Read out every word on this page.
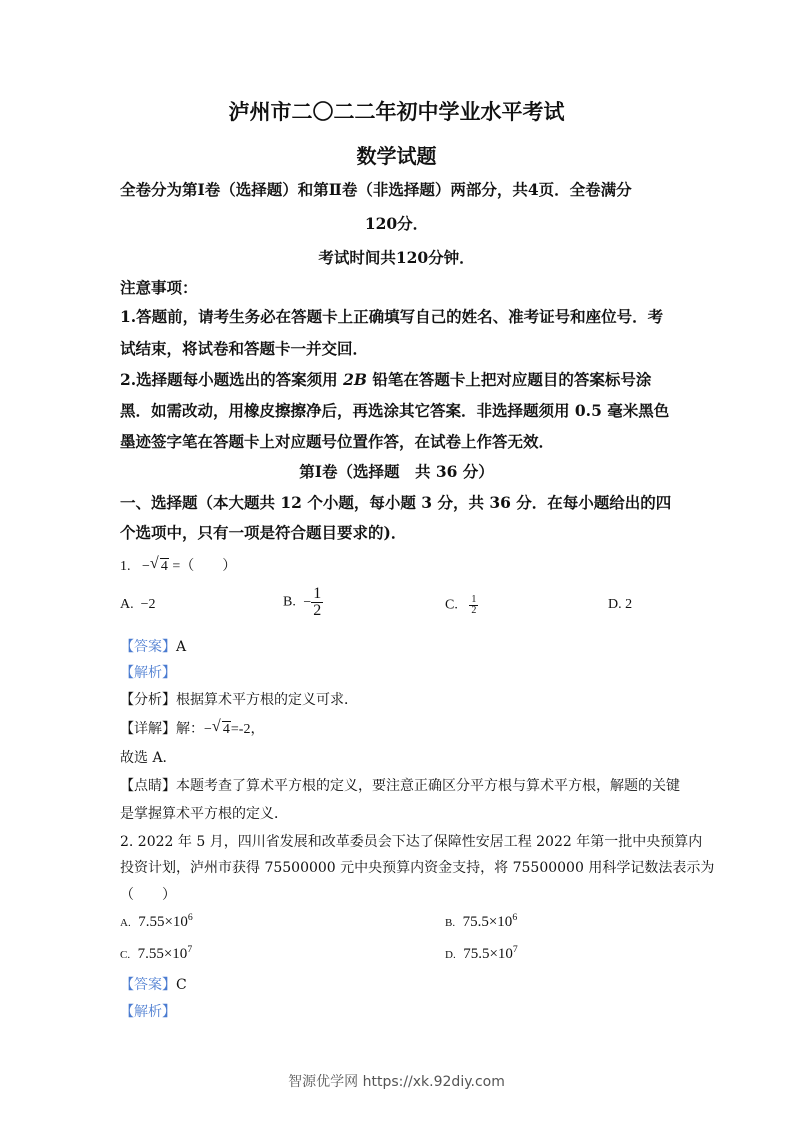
泸州市二〇二二年初中学业水平考试
数学试题
全卷分为第Ⅰ卷（选择题）和第Ⅱ卷（非选择题）两部分，共4页．全卷满分
120分．
考试时间共120分钟．
注意事项：
1.答题前，请考生务必在答题卡上正确填写自己的姓名、准考证号和座位号．考
试结束，将试卷和答题卡一并交回．
2.选择题每小题选出的答案须用 2B 铅笔在答题卡上把对应题目的答案标号涂
黑．如需改动，用橡皮擦擦净后，再选涂其它答案．非选择题须用 0.5 毫米黑色
墨迹签字笔在答题卡上对应题号位置作答，在试卷上作答无效．
第Ⅰ卷（选择题　共 36 分）
一、选择题（本大题共 12 个小题，每小题 3 分，共 36 分．在每小题给出的四
个选项中，只有一项是符合题目要求的)．
1. − √ 4 =（　　）
A. −2	B. − $\frac{1}{2}$	C. $\frac{1}{2}$	D. 2
【答案】A
【解析】
【分析】根据算术平方根的定义可求．
【详解】解：− √ 4=-2，
故选 A．
【点睛】本题考查了算术平方根的定义，要注意正确区分平方根与算术平方根，解题的关键
是掌握算术平方根的定义．
2. 2022 年 5 月，四川省发展和改革委员会下达了保障性安居工程 2022 年第一批中央预算内
投资计划，泸州市获得 75500000 元中央预算内资金支持，将 75500000 用科学记数法表示为
（　　）
A. $7.55\times 10^6$	B. $75.5\times 10^6$
C. $7.55\times 10^7$	D. $75.5\times 10^7$
【答案】C
【解析】
智源优学网 https://xk.92diy.com
